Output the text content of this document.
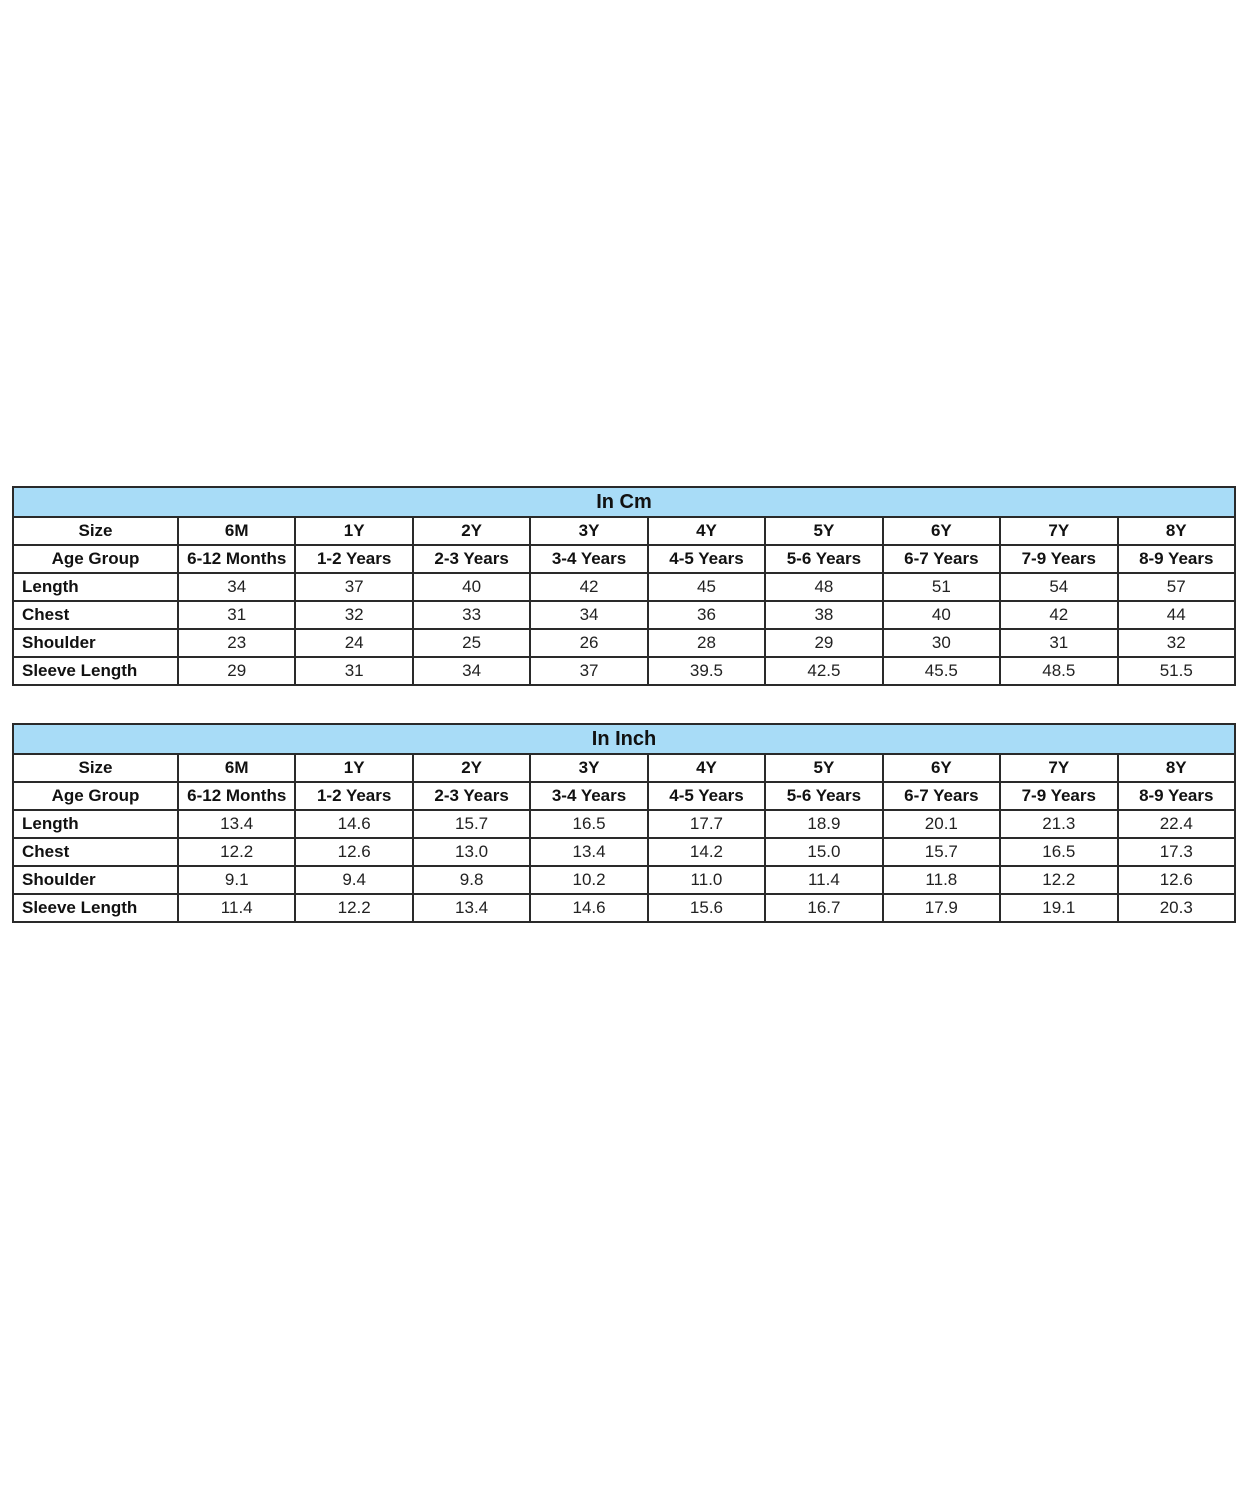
In Cm									
Size	6M	1Y	2Y	3Y	4Y	5Y	6Y	7Y	8Y
Age Group	6-12 Months	1-2 Years	2-3 Years	3-4 Years	4-5 Years	5-6 Years	6-7 Years	7-9 Years	8-9 Years
Length	34	37	40	42	45	48	51	54	57
Chest	31	32	33	34	36	38	40	42	44
Shoulder	23	24	25	26	28	29	30	31	32
Sleeve Length	29	31	34	37	39.5	42.5	45.5	48.5	51.5
In Inch									
Size	6M	1Y	2Y	3Y	4Y	5Y	6Y	7Y	8Y
Age Group	6-12 Months	1-2 Years	2-3 Years	3-4 Years	4-5 Years	5-6 Years	6-7 Years	7-9 Years	8-9 Years
Length	13.4	14.6	15.7	16.5	17.7	18.9	20.1	21.3	22.4
Chest	12.2	12.6	13.0	13.4	14.2	15.0	15.7	16.5	17.3
Shoulder	9.1	9.4	9.8	10.2	11.0	11.4	11.8	12.2	12.6
Sleeve Length	11.4	12.2	13.4	14.6	15.6	16.7	17.9	19.1	20.3
